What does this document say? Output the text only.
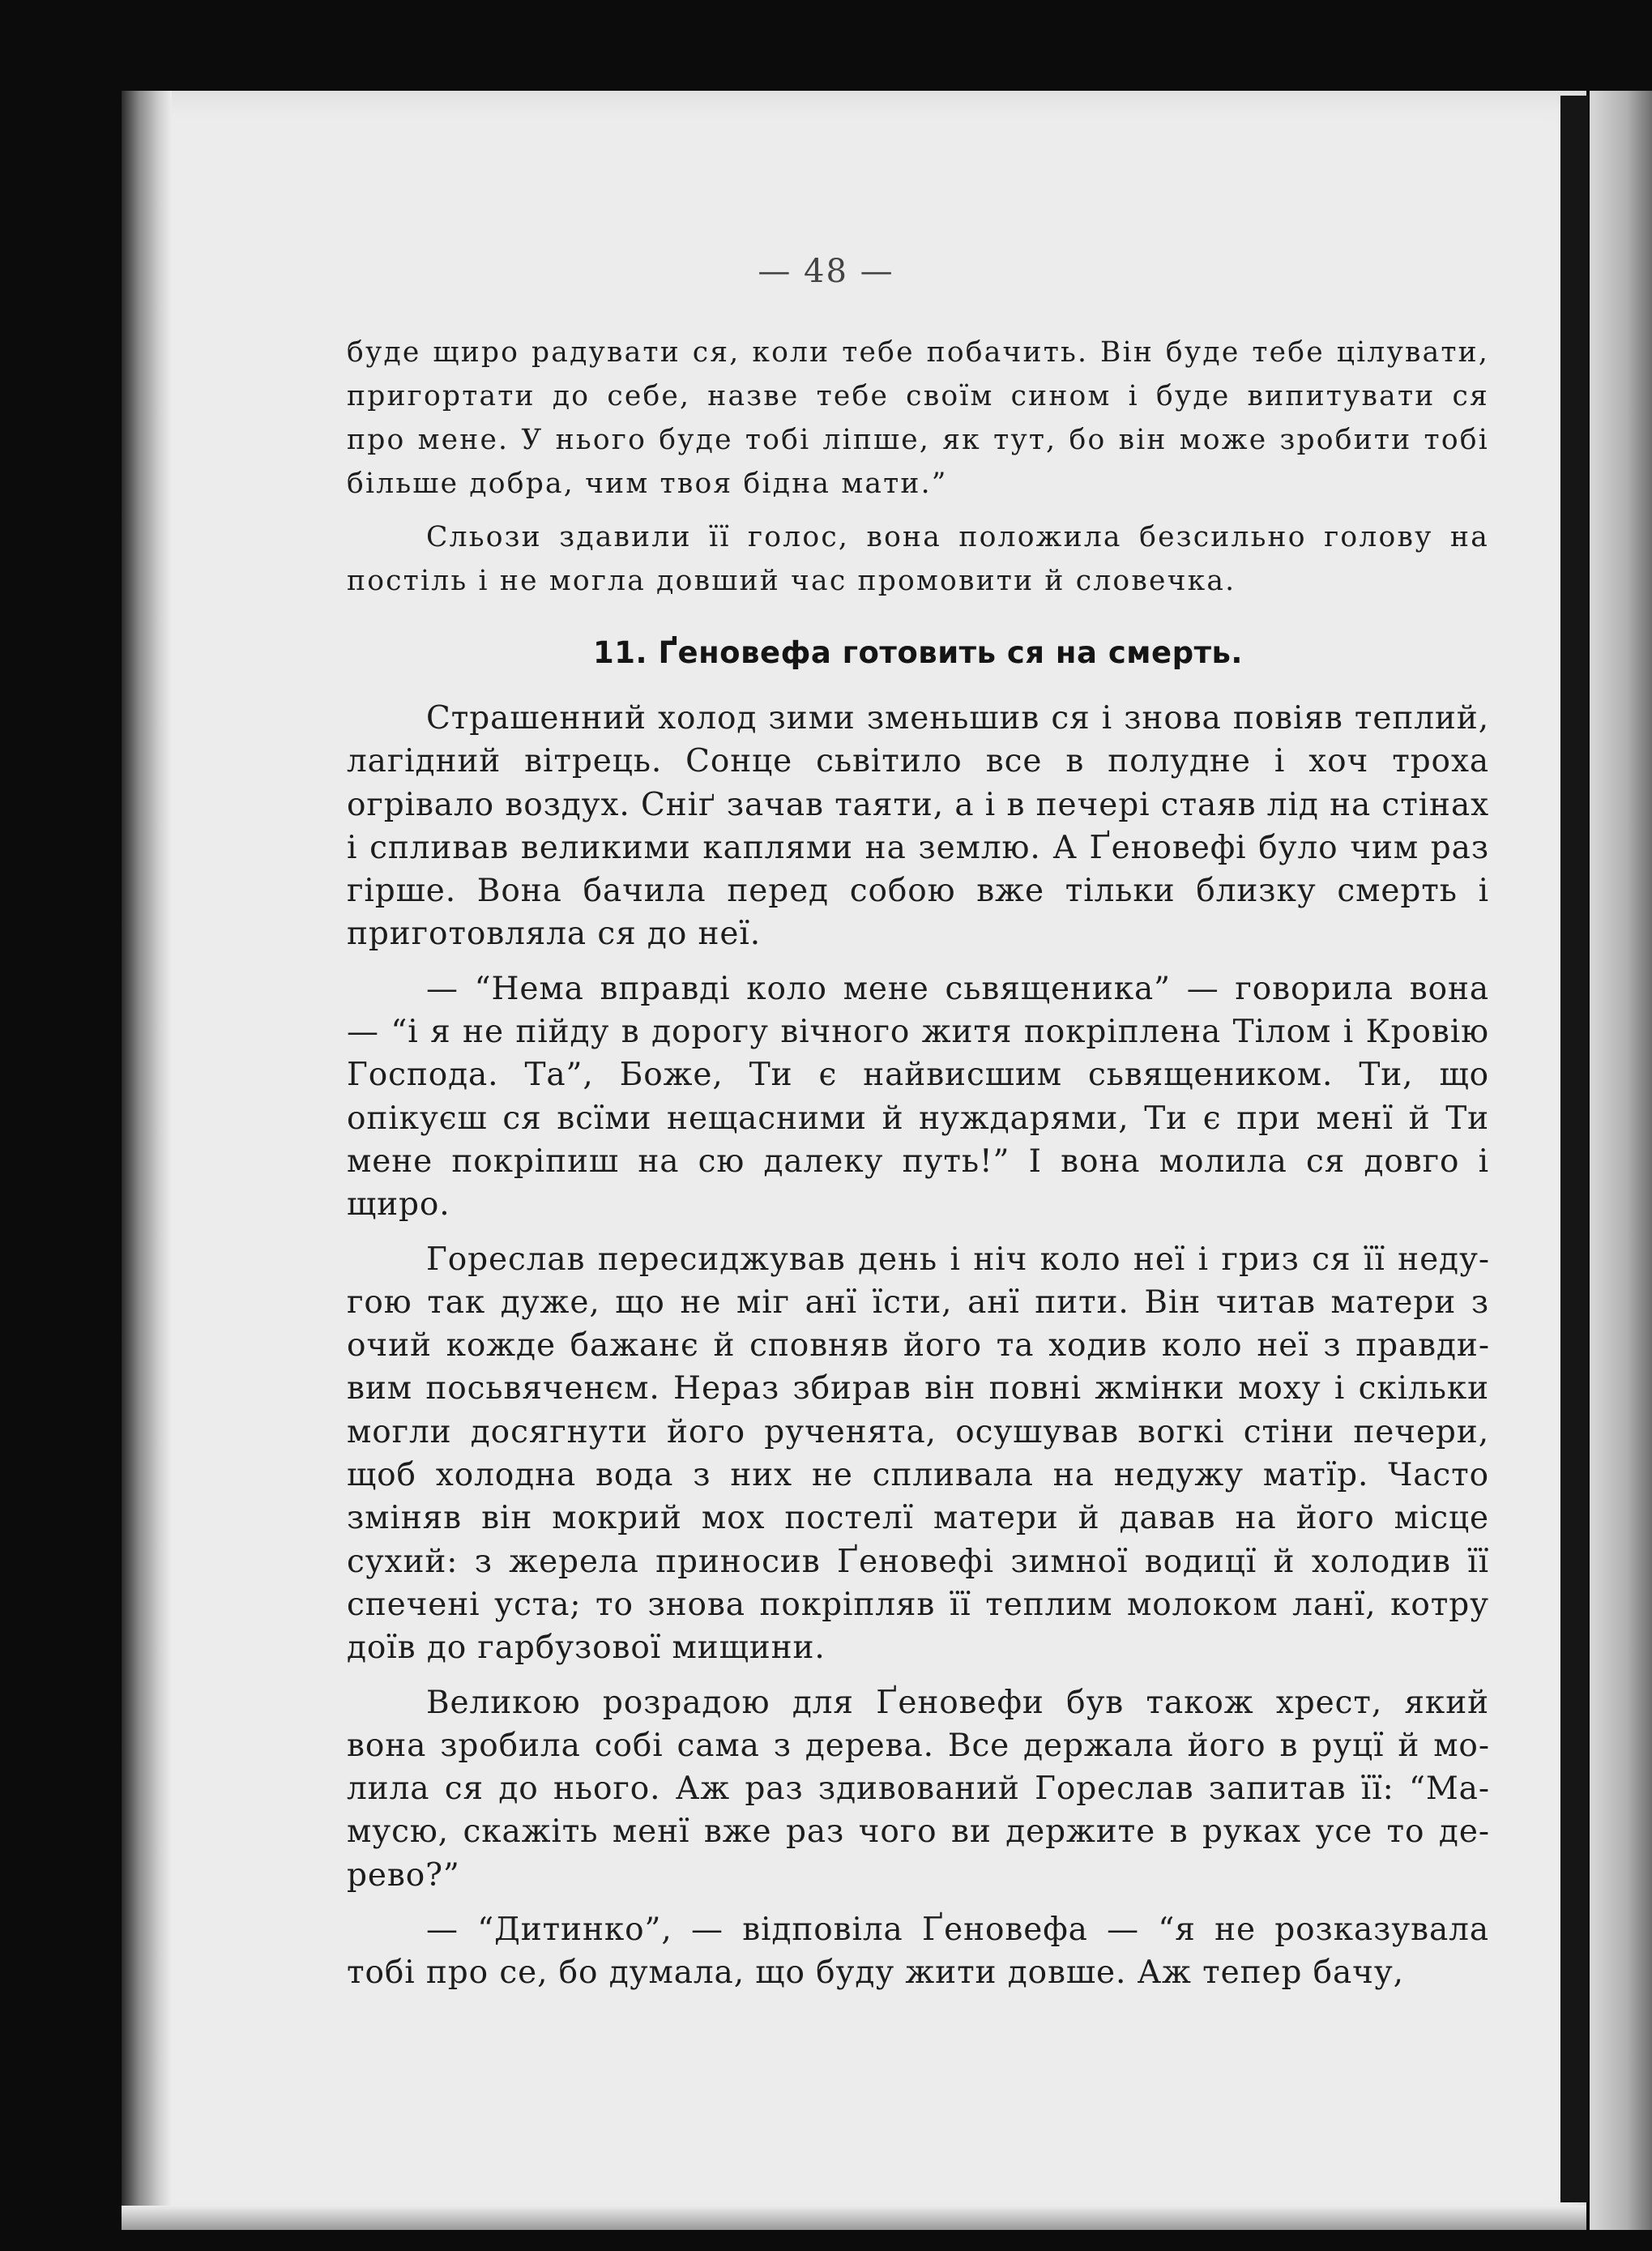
— 48 —

буде щиро радувати ся, коли тебе побачить. Він буде тебе цілувати, пригортати до себе, назве тебе своїм сином і буде випитувати ся про мене. У нього буде тобі ліпше, як тут, бо він може зробити тобі більше добра, чим твоя бідна мати.”

Сльози здавили її голос, вона положила безсильно голову на постіль і не могла довший час промовити й словечка.

11. Ґеновефа готовить ся на смерть.

Страшенний холод зими зменьшив ся і знова повіяв теплий, лагідний вітрець. Сонце сьвітило все в полудне і хоч троха огрівало воздух. Сніґ зачав таяти, а і в печері стаяв лід на стінах і спливав великими каплями на землю. А Ґеновефі було чим раз гірше. Вона бачила перед собою вже тільки близку смерть і приготовляла ся до неї.

— “Нема вправді коло мене сьвященика” — говорила вона — “і я не пійду в дорогу вічного житя покріплена Тілом і Кровію Господа. Та”, Боже, Ти є найвисшим сьвящеником. Ти, що опікуєш ся всїми нещасними й нуждарями, Ти є при менї й Ти мене покріпиш на сю далеку путь!” І вона молила ся довго і щиро.

Горeслав пересиджував день і ніч коло неї і гриз ся її недугою так дуже, що не міг анї їсти, анї пити. Він читав матери з очий кожде бажанє й сповняв його та ходив коло неї з правдивим посьвяченєм. Нераз збирав він повні жмінки моху і скільки могли досягнути його рученята, осушував вогкі стіни печери, щоб холодна вода з них не спливала на недужу матїр. Часто зміняв він мокрий мох постелї матери й давав на його місце сухий: з жерела приносив Ґеновефі зимної водицї й холодив її спечені уста; то знова покріпляв її теплим молоком ланї, котру доїв до гарбузової мищини.

Великою розрадою для Ґеновефи був також хрест, який вона зробила собі сама з дерева. Все держала його в руцї й молила ся до нього. Аж раз здивований Горeслав запитав її: “Мамусю, скажіть менї вже раз чого ви держите в руках усе то дерево?”

— “Дитинко”, — відповіла Ґеновефа — “я не розказувала тобі про се, бо думала, що буду жити довше. Аж тепер бачу,
